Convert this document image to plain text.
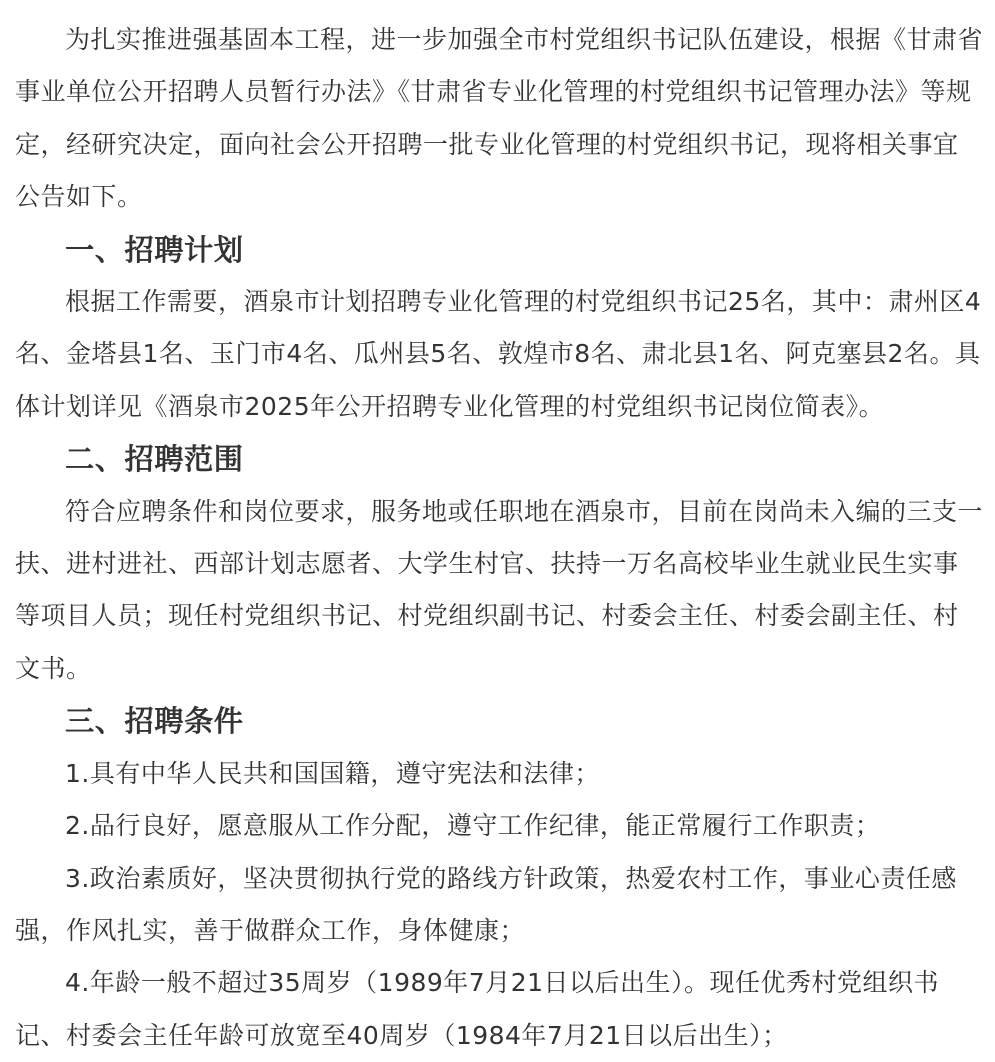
为扎实推进强基固本工程，进一步加强全市村党组织书记队伍建设，根据《甘肃省事业单位公开招聘人员暂行办法》《甘肃省专业化管理的村党组织书记管理办法》等规定，经研究决定，面向社会公开招聘一批专业化管理的村党组织书记，现将相关事宜公告如下。

一、招聘计划

根据工作需要，酒泉市计划招聘专业化管理的村党组织书记25名，其中：肃州区4名、金塔县1名、玉门市4名、瓜州县5名、敦煌市8名、肃北县1名、阿克塞县2名。具体计划详见《酒泉市2025年公开招聘专业化管理的村党组织书记岗位简表》。

二、招聘范围

符合应聘条件和岗位要求，服务地或任职地在酒泉市，目前在岗尚未入编的三支一扶、进村进社、西部计划志愿者、大学生村官、扶持一万名高校毕业生就业民生实事等项目人员；现任村党组织书记、村党组织副书记、村委会主任、村委会副主任、村文书。

三、招聘条件

1.具有中华人民共和国国籍，遵守宪法和法律；

2.品行良好，愿意服从工作分配，遵守工作纪律，能正常履行工作职责；

3.政治素质好，坚决贯彻执行党的路线方针政策，热爱农村工作，事业心责任感强，作风扎实，善于做群众工作，身体健康；

4.年龄一般不超过35周岁（1989年7月21日以后出生）。现任优秀村党组织书记、村委会主任年龄可放宽至40周岁（1984年7月21日以后出生）；
